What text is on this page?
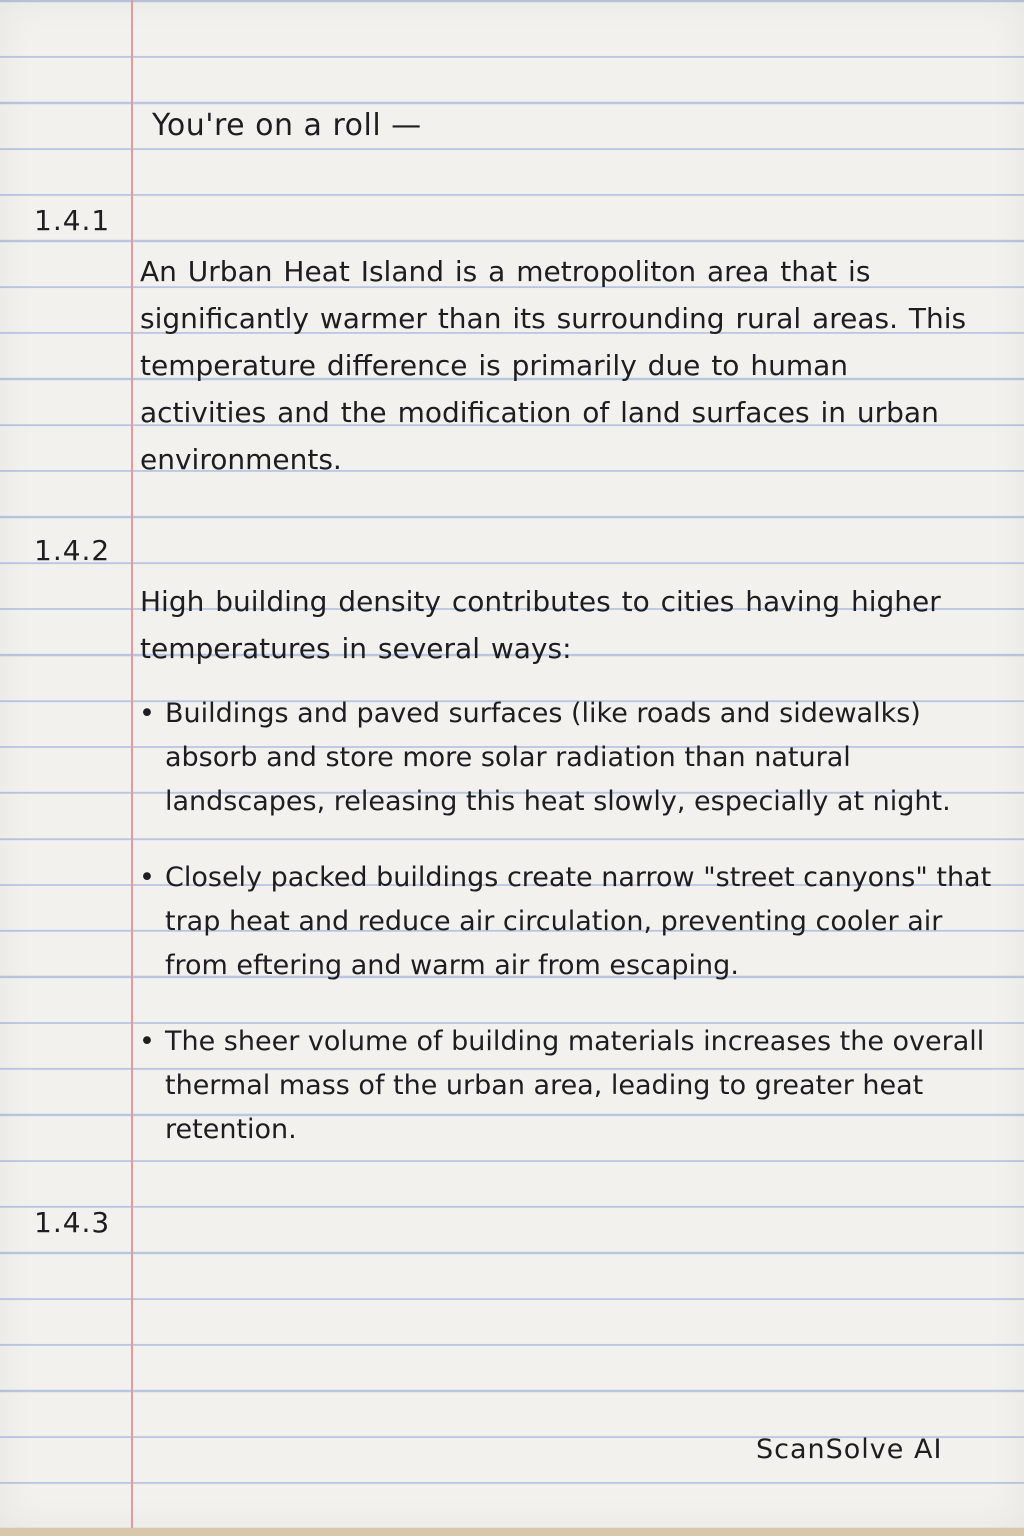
You're on a roll —
1.4.1
An Urban Heat Island is a metropoliton area that is significantly warmer than its surrounding rural areas. This temperature difference is primarily due to human activities and the modification of land surfaces in urban environments.
1.4.2
High building density contributes to cities having higher temperatures in several ways:
• Buildings and paved surfaces (like roads and sidewalks) absorb and store more solar radiation than natural landscapes, releasing this heat slowly, especially at night.
• Closely packed buildings create narrow "street canyons" that trap heat and reduce air circulation, preventing cooler air from eftering and warm air from escaping.
• The sheer volume of building materials increases the overall thermal mass of the urban area, leading to greater heat retention.
1.4.3
ScanSolve AI
